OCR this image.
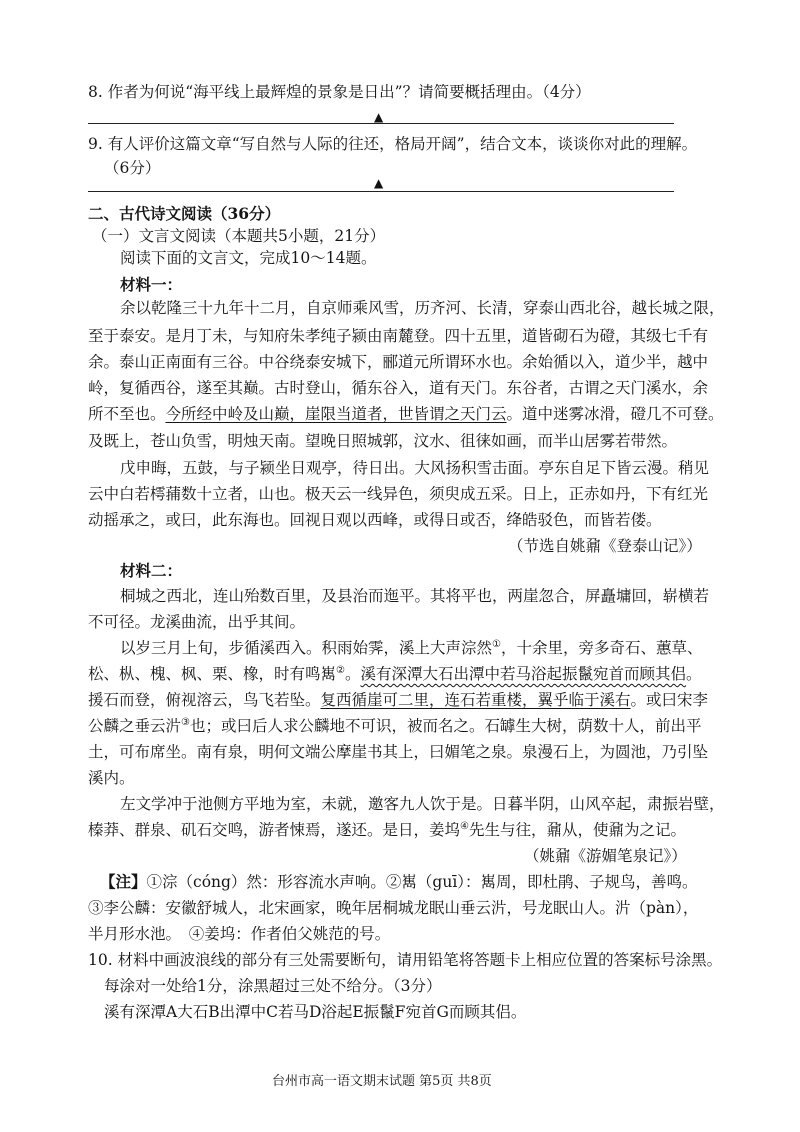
8. 作者为何说“海平线上最辉煌的景象是日出”？请简要概括理由。（4分）
▲
9. 有人评价这篇文章“写自然与人际的往还，格局开阔”，结合文本，谈谈你对此的理解。
（6分）
▲
二、古代诗文阅读（36分）
（一）文言文阅读（本题共5小题，21分）
阅读下面的文言文，完成10～14题。
材料一：
余以乾隆三十九年十二月，自京师乘风雪，历齐河、长清，穿泰山西北谷，越长城之限，
至于泰安。是月丁未，与知府朱孝纯子颍由南麓登。四十五里，道皆砌石为磴，其级七千有
余。泰山正南面有三谷。中谷绕泰安城下，郦道元所谓环水也。余始循以入，道少半，越中
岭，复循西谷，遂至其巅。古时登山，循东谷入，道有天门。东谷者，古谓之天门溪水，余
所不至也。今所经中岭及山巅，崖限当道者，世皆谓之天门云。道中迷雾冰滑，磴几不可登。
及既上，苍山负雪，明烛天南。望晚日照城郭，汶水、徂徕如画，而半山居雾若带然。
戊申晦，五鼓，与子颍坐日观亭，待日出。大风扬积雪击面。亭东自足下皆云漫。稍见
云中白若樗蒱数十立者，山也。极天云一线异色，须臾成五采。日上，正赤如丹，下有红光
动摇承之，或曰，此东海也。回视日观以西峰，或得日或否，绛皓驳色，而皆若偻。
（节选自姚鼐《登泰山记》）
材料二：
桐城之西北，连山殆数百里，及县治而迤平。其将平也，两崖忽合，屏矗墉回，崭横若
不可径。龙溪曲流，出乎其间。
以岁三月上旬，步循溪西入。积雨始霁，溪上大声淙然①，十余里，旁多奇石、蕙草、
松、枞、槐、枫、栗、橡，时有鸣嶲②。溪有深潭大石出潭中若马浴起振鬣宛首而顾其侣。
援石而登，俯视溶云，鸟飞若坠。复西循崖可二里，连石若重楼，翼乎临于溪右。或曰宋李
公麟之垂云沜③也；或曰后人求公麟地不可识，被而名之。石罅生大树，荫数十人，前出平
土，可布席坐。南有泉，明何文端公摩崖书其上，曰媚笔之泉。泉漫石上，为圆池，乃引坠
溪内。
左文学冲于池侧方平地为室，未就，邀客九人饮于是。日暮半阴，山风卒起，肃振岩壁，
榛莽、群泉、矶石交鸣，游者悚焉，遂还。是日，姜坞④先生与往，鼐从，使鼐为之记。
（姚鼐《游媚笔泉记》）
【注】①淙（cóng）然：形容流水声响。②嶲（guī）：嶲周，即杜鹃、子规鸟，善鸣。
③李公麟：安徽舒城人，北宋画家，晚年居桐城龙眠山垂云沜，号龙眠山人。沜（pàn），
半月形水池。　④姜坞：作者伯父姚范的号。
10. 材料中画波浪线的部分有三处需要断句，请用铅笔将答题卡上相应位置的答案标号涂黑。
每涂对一处给1分，涂黑超过三处不给分。（3分）
溪有深潭A大石B出潭中C若马D浴起E振鬣F宛首G而顾其侣。
台州市高一语文期末试题 第5页 共8页
